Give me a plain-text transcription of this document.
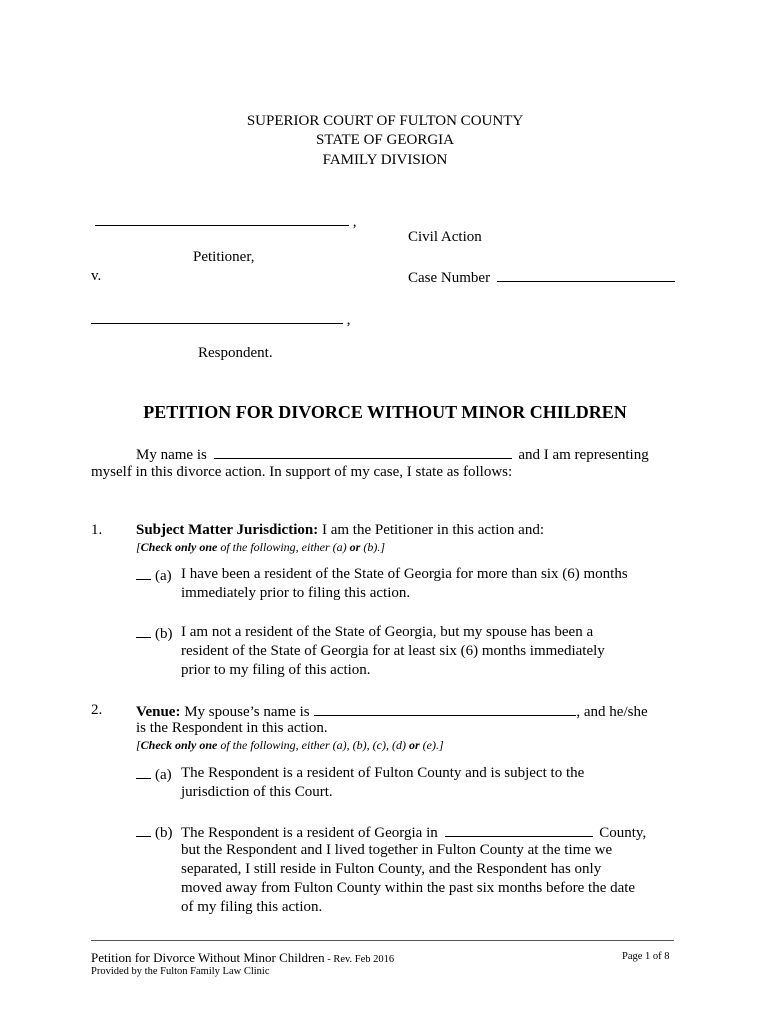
SUPERIOR COURT OF FULTON COUNTY
STATE OF GEORGIA
FAMILY DIVISION
,
Civil Action
Petitioner,
v.	Case Number
,
Respondent.
PETITION FOR DIVORCE WITHOUT MINOR CHILDREN
My name is	and I am representing
myself in this divorce action. In support of my case, I state as follows:
1. Subject Matter Jurisdiction: I am the Petitioner in this action and:
[Check only one of the following, either (a) or (b).]
(a) I have been a resident of the State of Georgia for more than six (6) months
immediately prior to filing this action.
(b) I am not a resident of the State of Georgia, but my spouse has been a
resident of the State of Georgia for at least six (6) months immediately
prior to my filing of this action.
2. Venue: My spouse’s name is	, and he/she
is the Respondent in this action.
[Check only one of the following, either (a), (b), (c), (d) or (e).]
(a) The Respondent is a resident of Fulton County and is subject to the
jurisdiction of this Court.
(b) The Respondent is a resident of Georgia in	County,
but the Respondent and I lived together in Fulton County at the time we
separated, I still reside in Fulton County, and the Respondent has only
moved away from Fulton County within the past six months before the date
of my filing this action.
Petition for Divorce Without Minor Children - Rev. Feb 2016	Page 1 of 8
Provided by the Fulton Family Law Clinic
